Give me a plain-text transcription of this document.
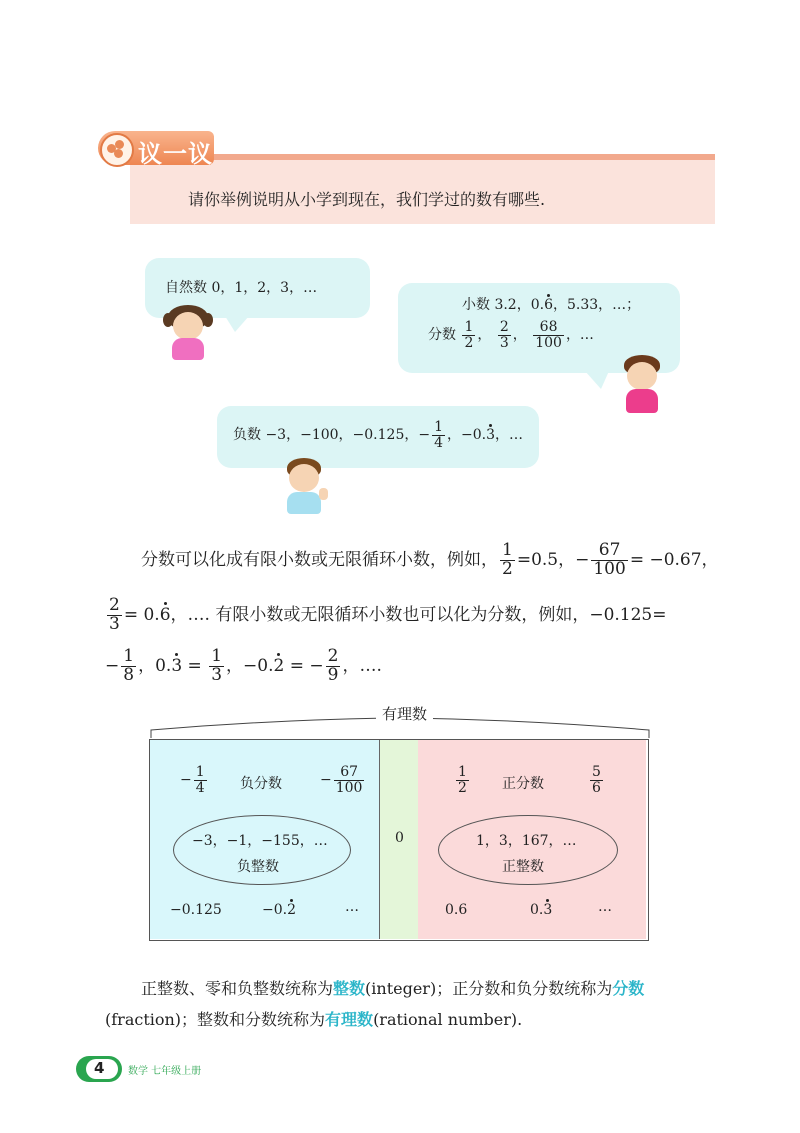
议一议
请你举例说明从小学到现在，我们学过的数有哪些.
自然数 0，1，2，3，…
小数 3.2，0.6，5.33，…；
分数 $\frac{1}{2}$ ， $\frac{2}{3}$ ， $\frac{68}{100}$ ，…
负数 −3，−100，−0.125，− $\frac{1}{4}$ ，−0.3，…
分数可以化成有限小数或无限循环小数，例如， $\frac{1}{2} =0.5$，− $\frac{67}{100} = -0.67$，
$\frac{2}{3} = 0.6$，…. 有限小数或无限循环小数也可以化为分数，例如，−0.125=
− $\frac{1}{8}$ ，$0.3 = \frac{1}{3}$ ，−0.2 = − $\frac{2}{9}$ ，….
有理数
− $\frac{1}{4}$ 负分数	− $\frac{67}{100}$
−3，−1，−155，…
负整数
−0.125	−0.2	…
0
$\frac{1}{2}$ 正分数	$\frac{5}{6}$
1，3，167，…
正整数
0.6	0.3	…
正整数、零和负整数统称为整数(integer)；正分数和负分数统称为分数
(fraction)；整数和分数统称为有理数(rational number).
4 数学 七年级上册
